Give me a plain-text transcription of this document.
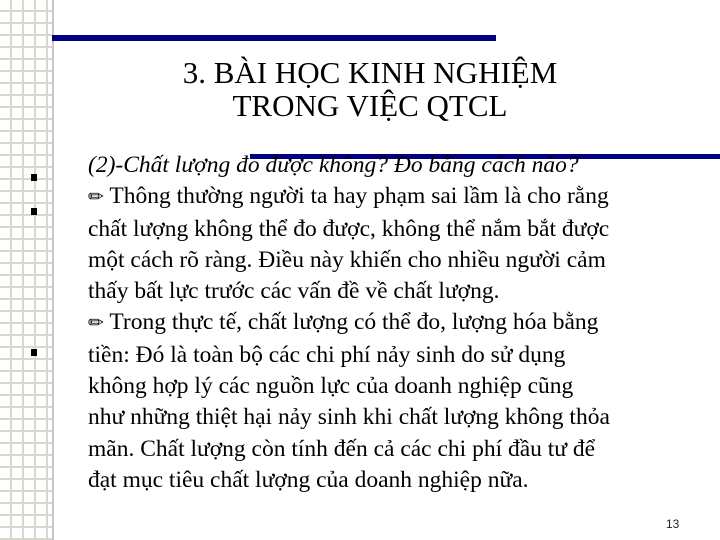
3. BÀI HỌC KINH NGHIỆM
TRONG VIỆC QTCL
(2)-Chất lượng đo được không? Đo bằng cách nào?
✏ Thông thường người ta hay phạm sai lầm là cho rằng
chất lượng không thể đo được, không thể nắm bắt được
một cách rõ ràng. Điều này khiến cho nhiều người cảm
thấy bất lực trước các vấn đề về chất lượng.
✏ Trong thực tế, chất lượng có thể đo, lượng hóa bằng
tiền: Đó là toàn bộ các chi phí nảy sinh do sử dụng
không hợp lý các nguồn lực của doanh nghiệp cũng
như những thiệt hại nảy sinh khi chất lượng không thỏa
mãn. Chất lượng còn tính đến cả các chi phí đầu tư để
đạt mục tiêu chất lượng của doanh nghiệp nữa.
13
